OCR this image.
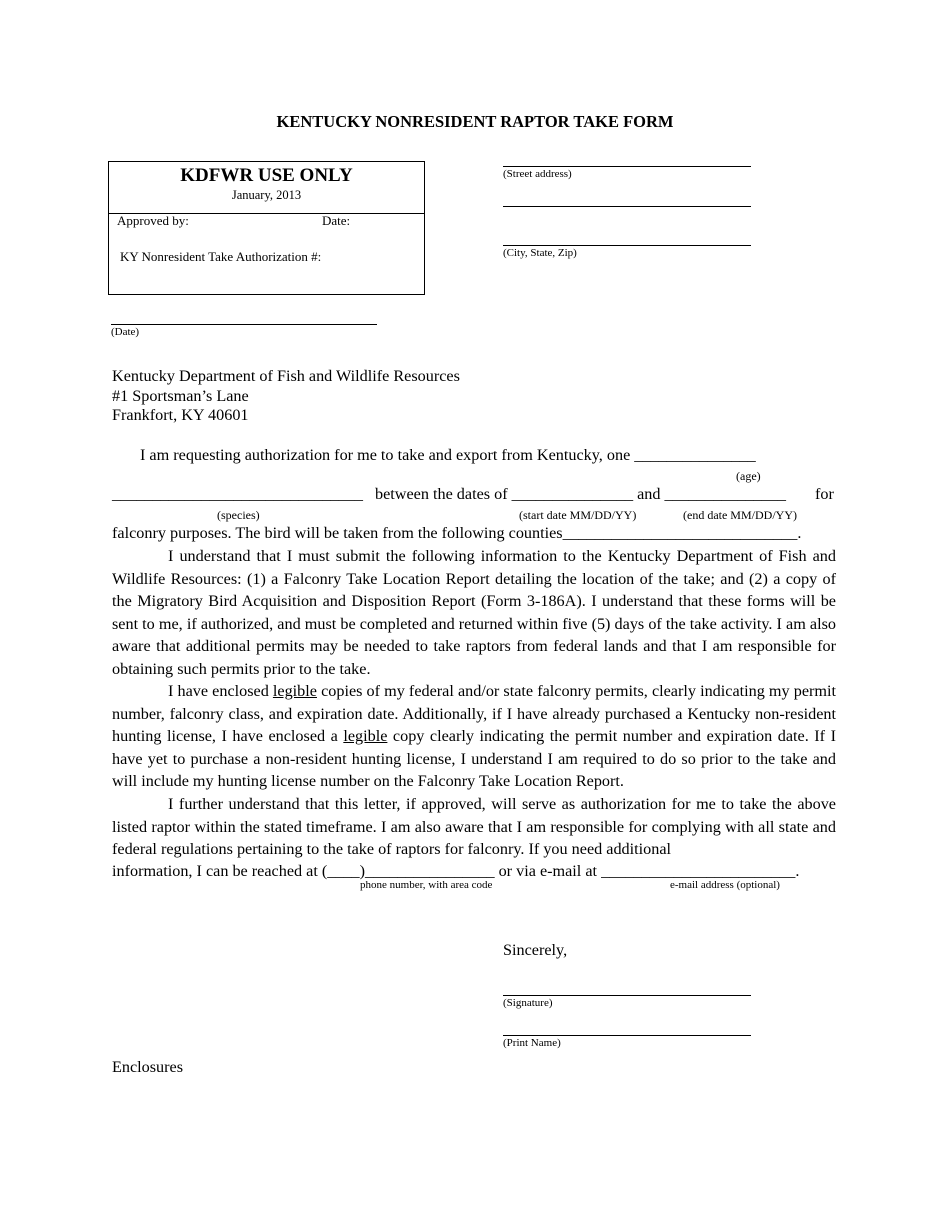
KENTUCKY NONRESIDENT RAPTOR TAKE FORM
KDFWR USE ONLY
January, 2013
Approved by:	Date:
KY Nonresident Take Authorization #:
(Street address)
(City, State, Zip)
(Date)
Kentucky Department of Fish and Wildlife Resources
#1 Sportsman’s Lane
Frankfort, KY 40601
I am requesting authorization for me to take and export from Kentucky, one _______________
(age)
_______________________________ between the dates of _______________ and _______________ for
(species)	(start date MM/DD/YY)	(end date MM/DD/YY)
falconry purposes. The bird will be taken from the following counties_____________________________.
I understand that I must submit the following information to the Kentucky Department of Fish and Wildlife Resources: (1) a Falconry Take Location Report detailing the location of the take; and (2) a copy of the Migratory Bird Acquisition and Disposition Report (Form 3-186A). I understand that these forms will be sent to me, if authorized, and must be completed and returned within five (5) days of the take activity. I am also aware that additional permits may be needed to take raptors from federal lands and that I am responsible for obtaining such permits prior to the take.
I have enclosed legible copies of my federal and/or state falconry permits, clearly indicating my permit number, falconry class, and expiration date. Additionally, if I have already purchased a Kentucky non-resident hunting license, I have enclosed a legible copy clearly indicating the permit number and expiration date. If I have yet to purchase a non-resident hunting license, I understand I am required to do so prior to the take and will include my hunting license number on the Falconry Take Location Report.
I further understand that this letter, if approved, will serve as authorization for me to take the above listed raptor within the stated timeframe. I am also aware that I am responsible for complying with all state and federal regulations pertaining to the take of raptors for falconry. If you need additional
information, I can be reached at (____)________________ or via e-mail at ________________________.
phone number, with area code	e-mail address (optional)
Sincerely,
(Signature)
(Print Name)
Enclosures
